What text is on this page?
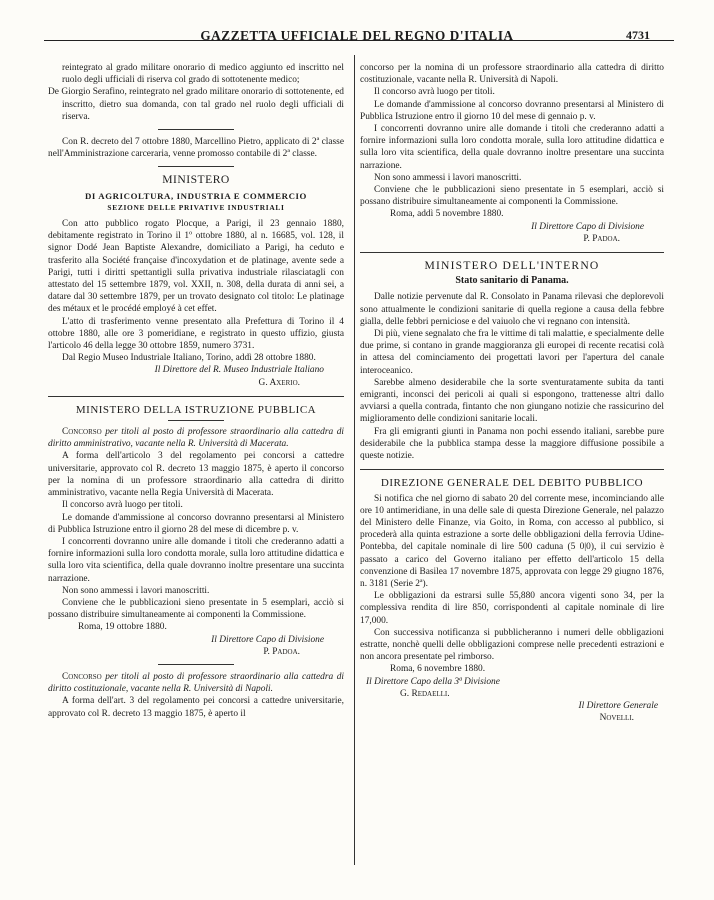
GAZZETTA UFFICIALE DEL REGNO D'ITALIA	4731

reintegrato al grado militare onorario di medico aggiunto ed inscritto nel ruolo degli ufficiali di riserva col grado di sottotenente medico;

De Giorgio Serafino, reintegrato nel grado militare onorario di sottotenente, ed inscritto, dietro sua domanda, con tal grado nel ruolo degli ufficiali di riserva.

Con R. decreto del 7 ottobre 1880, Marcellino Pietro, applicato di 2ª classe nell'Amministrazione carceraria, venne promosso contabile di 2ª classe.

MINISTERO
DI AGRICOLTURA, INDUSTRIA E COMMERCIO
SEZIONE DELLE PRIVATIVE INDUSTRIALI

Con atto pubblico rogato Plocque, a Parigi, il 23 gennaio 1880, debitamente registrato in Torino il 1º ottobre 1880, al n. 16685, vol. 128, il signor Dodé Jean Baptiste Alexandre, domiciliato a Parigi, ha ceduto e trasferito alla Société française d'incoxydation et de platinage, avente sede a Parigi, tutti i diritti spettantigli sulla privativa industriale rilasciatagli con attestato del 15 settembre 1879, vol. XXII, n. 308, della durata di anni sei, a datare dal 30 settembre 1879, per un trovato designato col titolo: Le platinage des métaux et le procédé employé à cet effet.

L'atto di trasferimento venne presentato alla Prefettura di Torino il 4 ottobre 1880, alle ore 3 pomeridiane, e registrato in questo uffizio, giusta l'articolo 46 della legge 30 ottobre 1859, numero 3731.

Dal Regio Museo Industriale Italiano, Torino, addì 28 ottobre 1880.

Il Direttore del R. Museo Industriale Italiano
G. Axerio.
MINISTERO DELLA ISTRUZIONE PUBBLICA

Concorso per titoli al posto di professore straordinario alla cattedra di diritto amministrativo, vacante nella R. Università di Macerata.

A forma dell'articolo 3 del regolamento pei concorsi a cattedre universitarie, approvato col R. decreto 13 maggio 1875, è aperto il concorso per la nomina di un professore straordinario alla cattedra di diritto amministrativo, vacante nella Regia Università di Macerata.

Il concorso avrà luogo per titoli.

Le domande d'ammissione al concorso dovranno presentarsi al Ministero di Pubblica Istruzione entro il giorno 28 del mese di dicembre p. v.

I concorrenti dovranno unire alle domande i titoli che crederanno adatti a fornire informazioni sulla loro condotta morale, sulla loro attitudine didattica e sulla loro vita scientifica, della quale dovranno inoltre presentare una succinta narrazione.

Non sono ammessi i lavori manoscritti.

Conviene che le pubblicazioni sieno presentate in 5 esemplari, acciò si possano distribuire simultaneamente ai componenti la Commissione.

Roma, 19 ottobre 1880.

Il Direttore Capo di Divisione
P. Padoa.

Concorso per titoli al posto di professore straordinario alla cattedra di diritto costituzionale, vacante nella R. Università di Napoli.

A forma dell'art. 3 del regolamento pei concorsi a cattedre universitarie, approvato col R. decreto 13 maggio 1875, è aperto il

concorso per la nomina di un professore straordinario alla cattedra di diritto costituzionale, vacante nella R. Università di Napoli.

Il concorso avrà luogo per titoli.

Le domande d'ammissione al concorso dovranno presentarsi al Ministero di Pubblica Istruzione entro il giorno 10 del mese di gennaio p. v.

I concorrenti dovranno unire alle domande i titoli che crederanno adatti a fornire informazioni sulla loro condotta morale, sulla loro attitudine didattica e sulla loro vita scientifica, della quale dovranno inoltre presentare una succinta narrazione.

Non sono ammessi i lavori manoscritti.

Conviene che le pubblicazioni sieno presentate in 5 esemplari, acciò si possano distribuire simultaneamente ai componenti la Commissione.

Roma, addì 5 novembre 1880.

Il Direttore Capo di Divisione
P. Padoa.
MINISTERO DELL'INTERNO
Stato sanitario di Panama.

Dalle notizie pervenute dal R. Consolato in Panama rilevasi che deplorevoli sono attualmente le condizioni sanitarie di quella regione a causa della febbre gialla, delle febbri perniciose e del vaiuolo che vi regnano con intensità.

Di più, viene segnalato che fra le vittime di tali malattie, e specialmente delle due prime, si contano in grande maggioranza gli europei di recente recatisi colà in attesa del cominciamento dei progettati lavori per l'apertura del canale interoceanico.

Sarebbe almeno desiderabile che la sorte sventuratamente subita da tanti emigranti, inconsci dei pericoli ai quali si espongono, trattenesse altri dallo avviarsi a quella contrada, fintanto che non giungano notizie che rassicurino del miglioramento delle condizioni sanitarie locali.

Fra gli emigranti giunti in Panama non pochi essendo italiani, sarebbe pure desiderabile che la pubblica stampa desse la maggiore diffusione possibile a queste notizie.

DIREZIONE GENERALE DEL DEBITO PUBBLICO

Si notifica che nel giorno di sabato 20 del corrente mese, incominciando alle ore 10 antimeridiane, in una delle sale di questa Direzione Generale, nel palazzo del Ministero delle Finanze, via Goito, in Roma, con accesso al pubblico, si procederà alla quinta estrazione a sorte delle obbligazioni della ferrovia Udine-Pontebba, del capitale nominale di lire 500 caduna (5 0|0), il cui servizio è passato a carico del Governo italiano per effetto dell'articolo 15 della convenzione di Basilea 17 novembre 1875, approvata con legge 29 giugno 1876, n. 3181 (Serie 2ª).

Le obbligazioni da estrarsi sulle 55,880 ancora vigenti sono 34, per la complessiva rendita di lire 850, corrispondenti al capitale nominale di lire 17,000.

Con successiva notificanza si pubblicheranno i numeri delle obbligazioni estratte, nonchè quelli delle obbligazioni comprese nelle precedenti estrazioni e non ancora presentate pel rimborso.

Roma, 6 novembre 1880.

Il Direttore Capo della 3ª Divisione

G. Redaelli.

Il Direttore Generale
Novelli.
